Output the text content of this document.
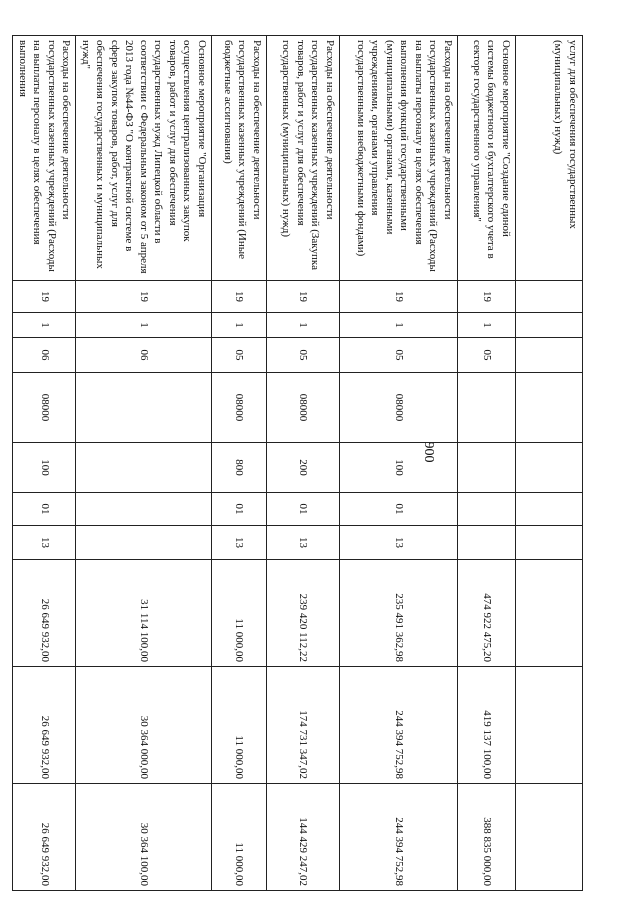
900
услуг для обеспечения государственных (муниципальных) нужд)										
Основное мероприятие "Создание единой системы бюджетного и бухгалтерского учета в секторе государственного управления"	19	1	05					474 922 475,20	419 137 100,00	388 835 000,00
Расходы на обеспечение деятельности государственных казенных учреждений (Расходы на выплаты персоналу в целях обеспечения выполнения функций государственными (муниципальными) органами, казенными учреждениями, органами управления государственными внебюджетными фондами)	19	1	05	08000	100	01	13	235 491 362,98	244 394 752,98	244 394 752,98
Расходы на обеспечение деятельности государственных казенных учреждений (Закупка товаров, работ и услуг для обеспечения государственных (муниципальных) нужд)	19	1	05	08000	200	01	13	239 420 112,22	174 731 347,02	144 429 247,02
Расходы на обеспечение деятельности государственных казенных учреждений (Иные бюджетные ассигнования)	19	1	05	08000	800	01	13	11 000,00	11 000,00	11 000,00
Основное мероприятие "Организация осуществления централизованных закупок товаров, работ и услуг для обеспечения государственных нужд Липецкой области в соответствии с Федеральным законом от 5 апреля 2013 года №44-ФЗ "О контрактной системе в сфере закупок товаров, работ, услуг для обеспечения государственных и муниципальных нужд"	19	1	06					31 114 100,00	30 364 000,00	30 364 100,00
Расходы на обеспечение деятельности государственных казенных учреждений (Расходы на выплаты персоналу в целях обеспечения выполнения	19	1	06	08000	100	01	13	26 649 932,00	26 649 932,00	26 649 932,00
